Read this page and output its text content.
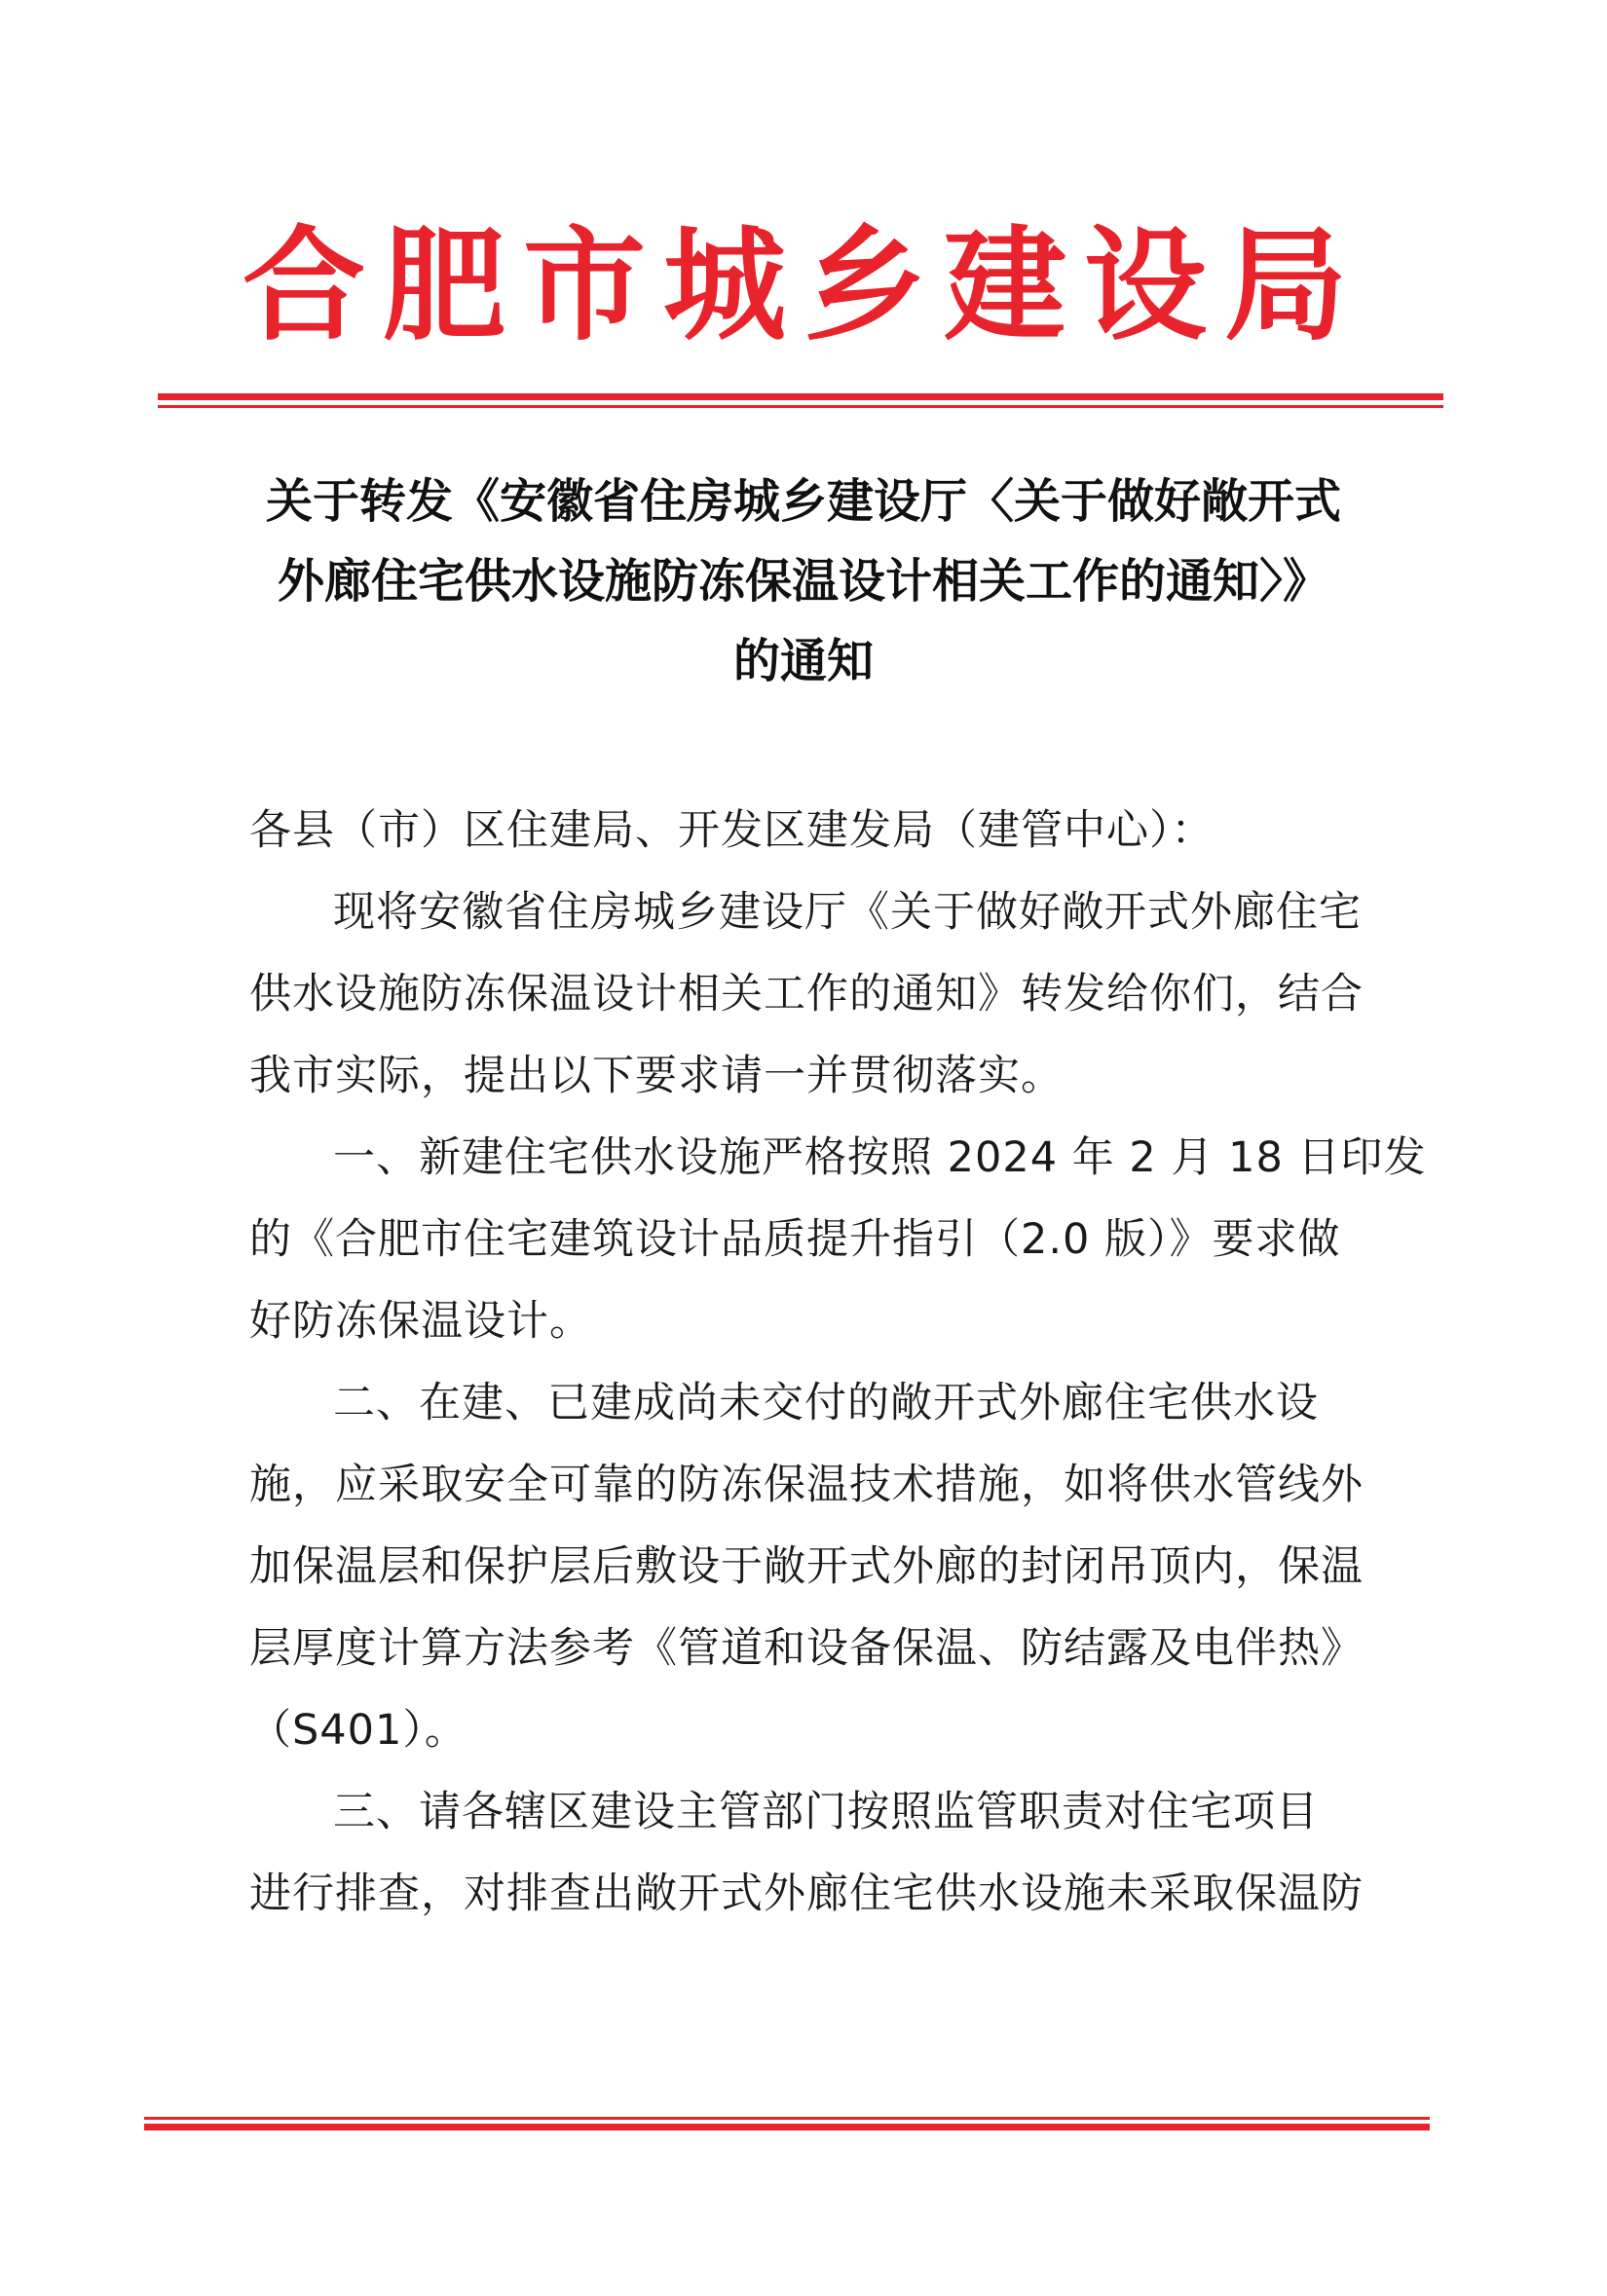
合肥市城乡建设局
关于转发《安徽省住房城乡建设厅〈关于做好敞开式
外廊住宅供水设施防冻保温设计相关工作的通知〉》
的通知
各县（市）区住建局、开发区建发局（建管中心）：
现将安徽省住房城乡建设厅《关于做好敞开式外廊住宅
供水设施防冻保温设计相关工作的通知》转发给你们，结合
我市实际，提出以下要求请一并贯彻落实。
一、新建住宅供水设施严格按照 2024 年 2 月 18 日印发
的《合肥市住宅建筑设计品质提升指引（2.0 版）》要求做
好防冻保温设计。
二、在建、已建成尚未交付的敞开式外廊住宅供水设
施，应采取安全可靠的防冻保温技术措施，如将供水管线外
加保温层和保护层后敷设于敞开式外廊的封闭吊顶内，保温
层厚度计算方法参考《管道和设备保温、防结露及电伴热》
（S401）。
三、请各辖区建设主管部门按照监管职责对住宅项目
进行排查，对排查出敞开式外廊住宅供水设施未采取保温防
